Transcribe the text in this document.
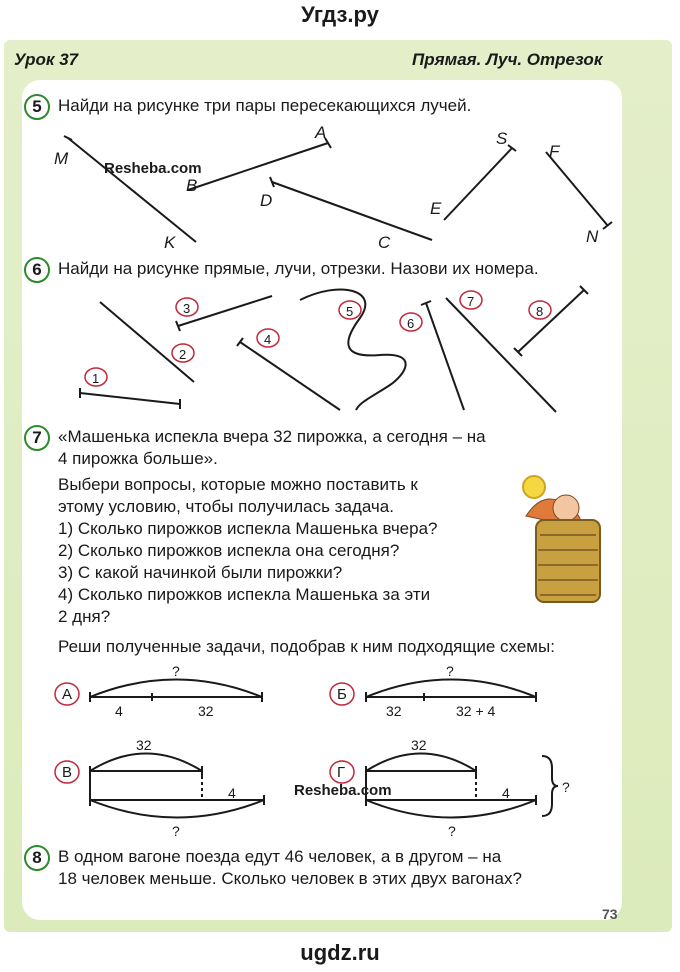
Угдз.ру
Урок 37	Прямая. Луч. Отрезок
5 Найди на рисунке три пары пересекающихся лучей.
M
K
A
B
D
C
S
E
F
N
Resheba.com
6 Найди на рисунке прямые, лучи, отрезки. Назови их номера.
1
2
3
4
5
6
7
8
7 «Машенька испекла вчера 32 пирожка, а сегодня – на
4 пирожка больше».
Выбери вопросы, которые можно поставить к
этому условию, чтобы получилась задача.
1) Сколько пирожков испекла Машенька вчера?
2) Сколько пирожков испекла она сегодня?
3) С какой начинкой были пирожки?
4) Сколько пирожков испекла Машенька за эти
2 дня?
Реши полученные задачи, подобрав к ним подходящие схемы:
А
?
4	32
Б
?
32	32 + 4
В
32
4
?
Г
32
4
?
?
Resheba.com
8 В одном вагоне поезда едут 46 человек, а в другом – на
18 человек меньше. Сколько человек в этих двух вагонах?
73
ugdz.ru
